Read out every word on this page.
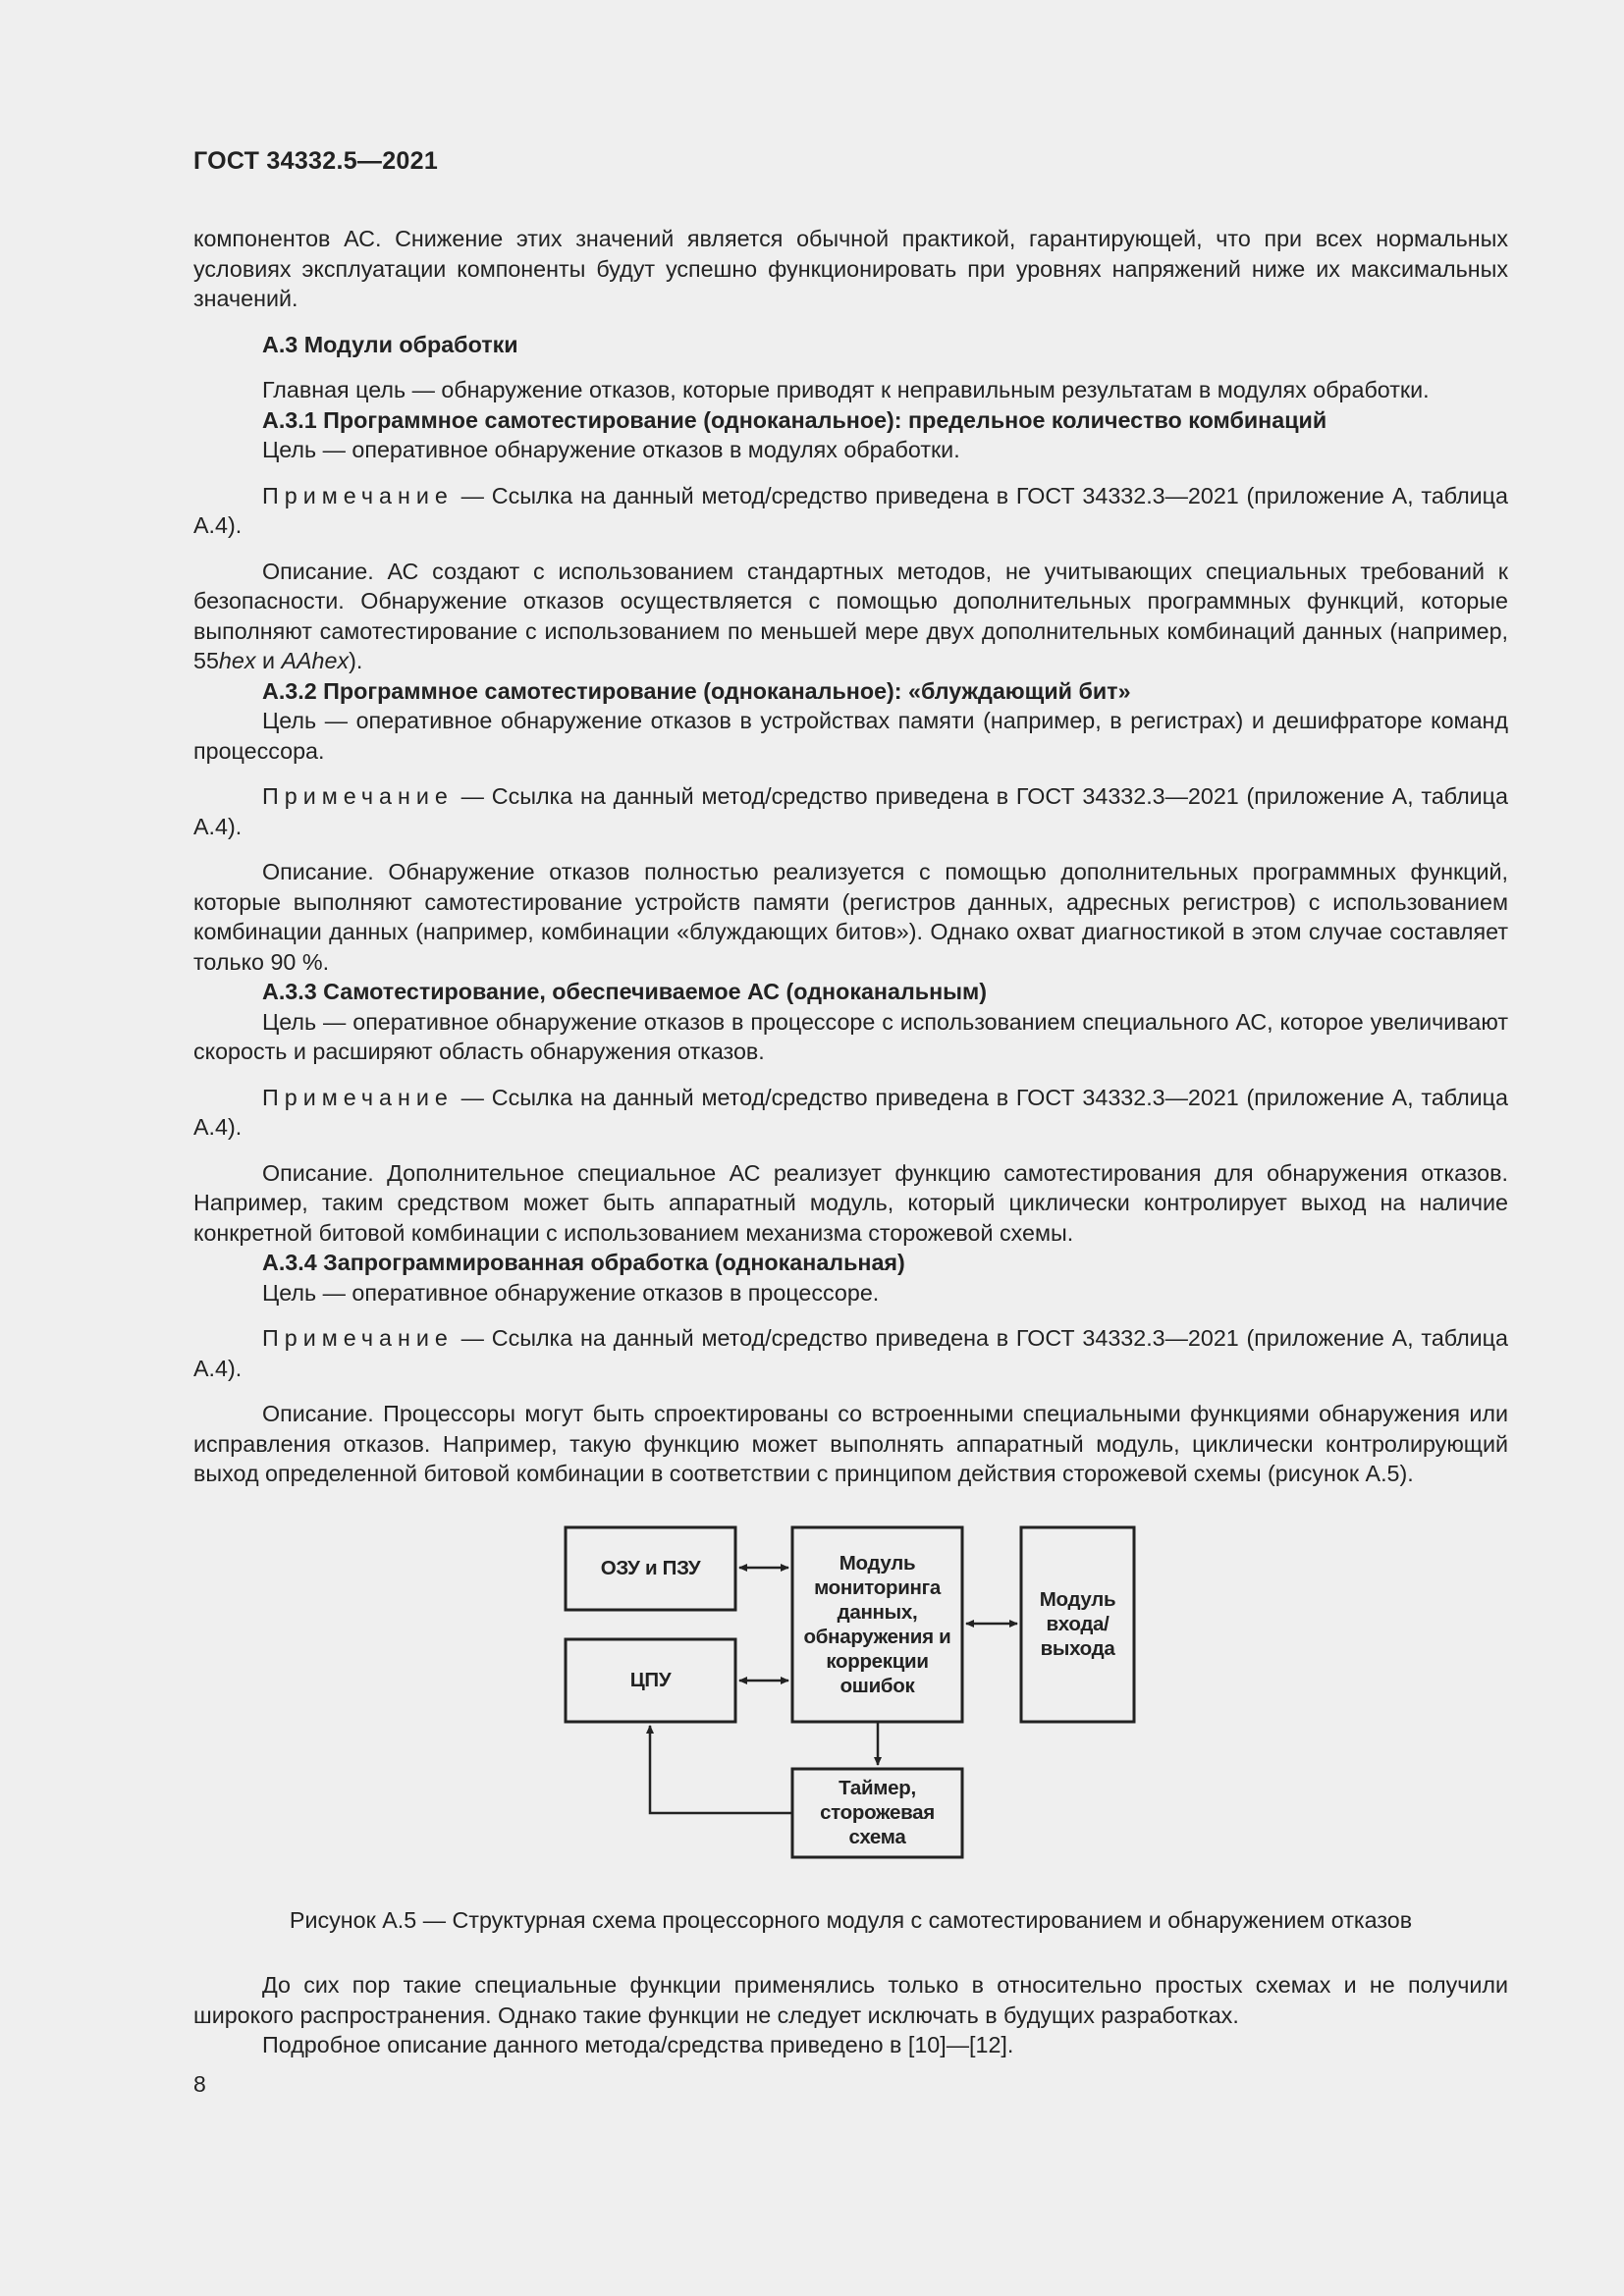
ГОСТ 34332.5—2021

компонентов АС. Снижение этих значений является обычной практикой, гарантирующей, что при всех нормальных условиях эксплуатации компоненты будут успешно функционировать при уровнях напряжений ниже их максимальных значений.

А.3 Модули обработки

Главная цель — обнаружение отказов, которые приводят к неправильным результатам в модулях обработки.

А.3.1 Программное самотестирование (одноканальное): предельное количество комбинаций

Цель — оперативное обнаружение отказов в модулях обработки.

Примечание — Ссылка на данный метод/средство приведена в ГОСТ 34332.3—2021 (приложение А, таблица А.4).

Описание. АС создают с использованием стандартных методов, не учитывающих специальных требований к безопасности. Обнаружение отказов осуществляется с помощью дополнительных программных функций, которые выполняют самотестирование с использованием по меньшей мере двух дополнительных комбинаций данных (например, 55hex и AAhex).

А.3.2 Программное самотестирование (одноканальное): «блуждающий бит»

Цель — оперативное обнаружение отказов в устройствах памяти (например, в регистрах) и дешифраторе команд процессора.

Примечание — Ссылка на данный метод/средство приведена в ГОСТ 34332.3—2021 (приложение А, таблица А.4).

Описание. Обнаружение отказов полностью реализуется с помощью дополнительных программных функций, которые выполняют самотестирование устройств памяти (регистров данных, адресных регистров) с использованием комбинации данных (например, комбинации «блуждающих битов»). Однако охват диагностикой в этом случае составляет только 90 %.

А.3.3 Самотестирование, обеспечиваемое АС (одноканальным)

Цель — оперативное обнаружение отказов в процессоре с использованием специального АС, которое увеличивают скорость и расширяют область обнаружения отказов.

Примечание — Ссылка на данный метод/средство приведена в ГОСТ 34332.3—2021 (приложение А, таблица А.4).

Описание. Дополнительное специальное АС реализует функцию самотестирования для обнаружения отказов. Например, таким средством может быть аппаратный модуль, который циклически контролирует выход на наличие конкретной битовой комбинации с использованием механизма сторожевой схемы.

А.3.4 Запрограммированная обработка (одноканальная)

Цель — оперативное обнаружение отказов в процессоре.

Примечание — Ссылка на данный метод/средство приведена в ГОСТ 34332.3—2021 (приложение А, таблица А.4).

Описание. Процессоры могут быть спроектированы со встроенными специальными функциями обнаружения или исправления отказов. Например, такую функцию может выполнять аппаратный модуль, циклически контролирующий выход определенной битовой комбинации в соответствии с принципом действия сторожевой схемы (рисунок А.5).

ОЗУ и ПЗУ
ЦПУ
Модуль мониторинга данных, обнаружения и коррекции ошибок
Модуль входа/ выхода
Таймер, сторожевая схема

Рисунок А.5 — Структурная схема процессорного модуля с самотестированием и обнаружением отказов

До сих пор такие специальные функции применялись только в относительно простых схемах и не получили широкого распространения. Однако такие функции не следует исключать в будущих разработках.

Подробное описание данного метода/средства приведено в [10]—[12].

8
